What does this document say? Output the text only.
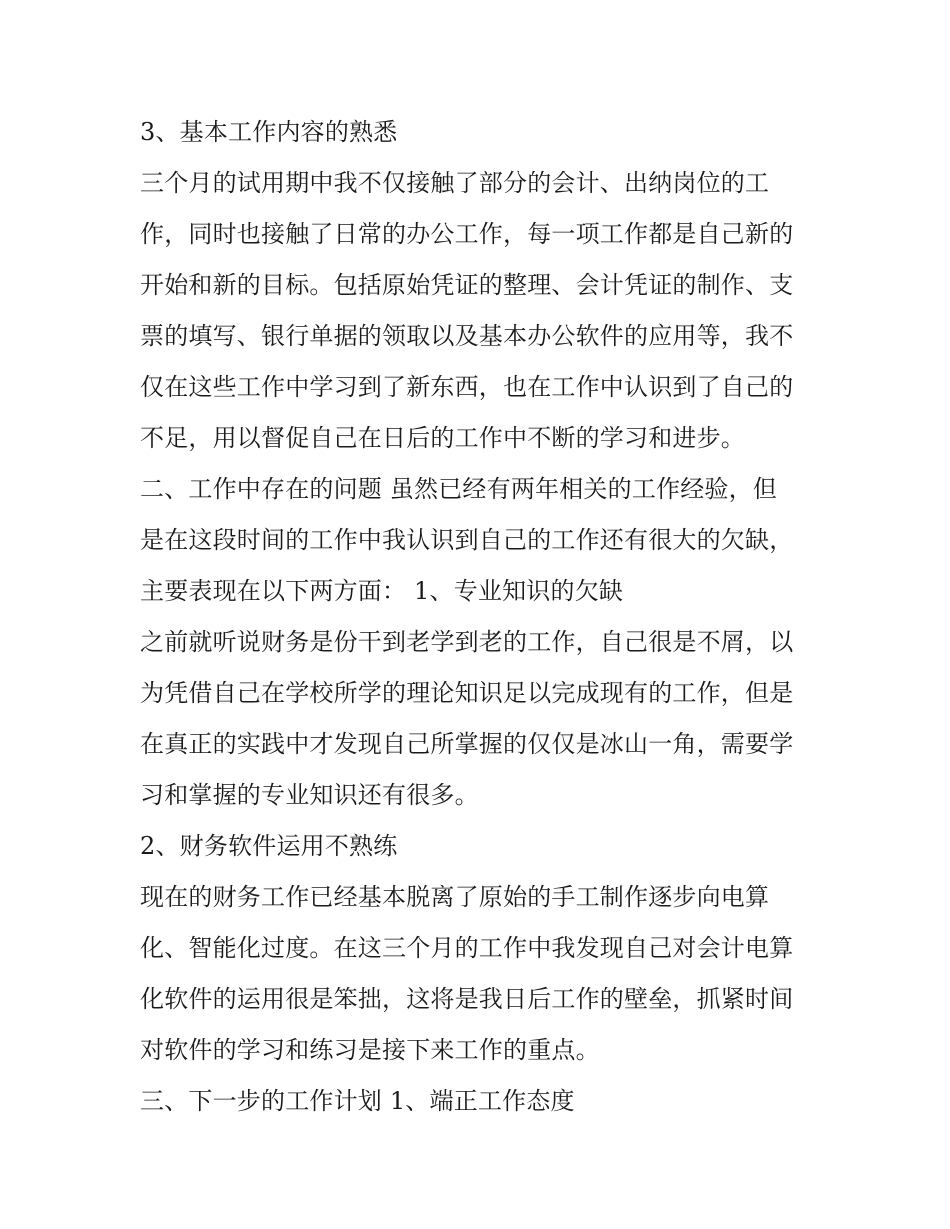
3、基本工作内容的熟悉
三个月的试用期中我不仅接触了部分的会计、出纳岗位的工
作，同时也接触了日常的办公工作，每一项工作都是自己新的
开始和新的目标。包括原始凭证的整理、会计凭证的制作、支
票的填写、银行单据的领取以及基本办公软件的应用等，我不
仅在这些工作中学习到了新东西，也在工作中认识到了自己的
不足，用以督促自己在日后的工作中不断的学习和进步。
二、工作中存在的问题 虽然已经有两年相关的工作经验，但
是在这段时间的工作中我认识到自己的工作还有很大的欠缺，
主要表现在以下两方面： 1、专业知识的欠缺
之前就听说财务是份干到老学到老的工作，自己很是不屑，以
为凭借自己在学校所学的理论知识足以完成现有的工作，但是
在真正的实践中才发现自己所掌握的仅仅是冰山一角，需要学
习和掌握的专业知识还有很多。
2、财务软件运用不熟练
现在的财务工作已经基本脱离了原始的手工制作逐步向电算
化、智能化过度。在这三个月的工作中我发现自己对会计电算
化软件的运用很是笨拙，这将是我日后工作的壁垒，抓紧时间
对软件的学习和练习是接下来工作的重点。
三、下一步的工作计划 1、端正工作态度
